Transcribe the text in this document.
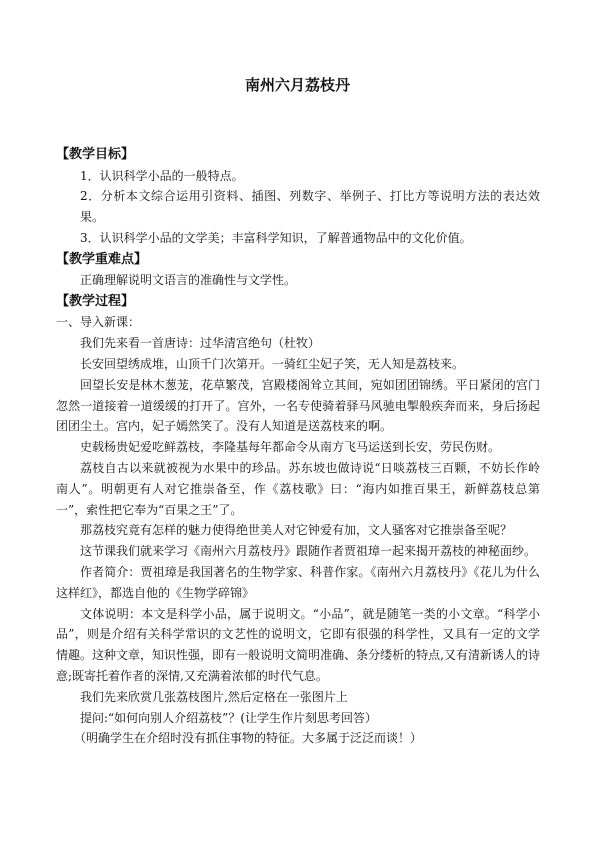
南州六月荔枝丹

【教学目标】

1．认识科学小品的一般特点。

2．分析本文综合运用引资料、插图、列数字、举例子、打比方等说明方法的表达效果。

3．认识科学小品的文学美；丰富科学知识，了解普通物品中的文化价值。

【教学重难点】

正确理解说明文语言的准确性与文学性。

【教学过程】

一、导入新课：

我们先来看一首唐诗：过华清宫绝句（杜牧）

长安回望绣成堆，山顶千门次第开。一骑红尘妃子笑，无人知是荔枝来。

回望长安是林木葱茏，花草繁茂，宫殿楼阁耸立其间，宛如团团锦绣。平日紧闭的宫门忽然一道接着一道缓缓的打开了。宫外，一名专使骑着驿马风驰电掣般疾奔而来，身后扬起团团尘土。宫内，妃子嫣然笑了。没有人知道是送荔枝来的啊。

史载杨贵妃爱吃鲜荔枝，李隆基每年都命令从南方飞马运送到长安，劳民伤财。

荔枝自古以来就被视为水果中的珍品。苏东坡也做诗说“日啖荔枝三百颗，不妨长作岭南人”。明朝更有人对它推崇备至，作《荔枝歌》曰：“海内如推百果王，新鲜荔枝总第一”，索性把它奉为“百果之王”了。

那荔枝究竟有怎样的魅力使得绝世美人对它钟爱有加，文人骚客对它推崇备至呢？

这节课我们就来学习《南州六月荔枝丹》跟随作者贾祖璋一起来揭开荔枝的神秘面纱。

作者简介：贾祖璋是我国著名的生物学家、科普作家。《南州六月荔枝丹》《花儿为什么这样红》，都选自他的《生物学碎锦》

文体说明：本文是科学小品，属于说明文。“小品”，就是随笔一类的小文章。“科学小品”，则是介绍有关科学常识的文艺性的说明文，它即有很强的科学性，又具有一定的文学情趣。这种文章，知识性强，即有一般说明文简明准确、条分缕析的特点,又有清新诱人的诗意;既寄托着作者的深情,又充满着浓郁的时代气息。

我们先来欣赏几张荔枝图片,然后定格在一张图片上

提问:“如何向别人介绍荔枝”？(让学生作片刻思考回答）

（明确学生在介绍时没有抓住事物的特征。大多属于泛泛而谈！）
